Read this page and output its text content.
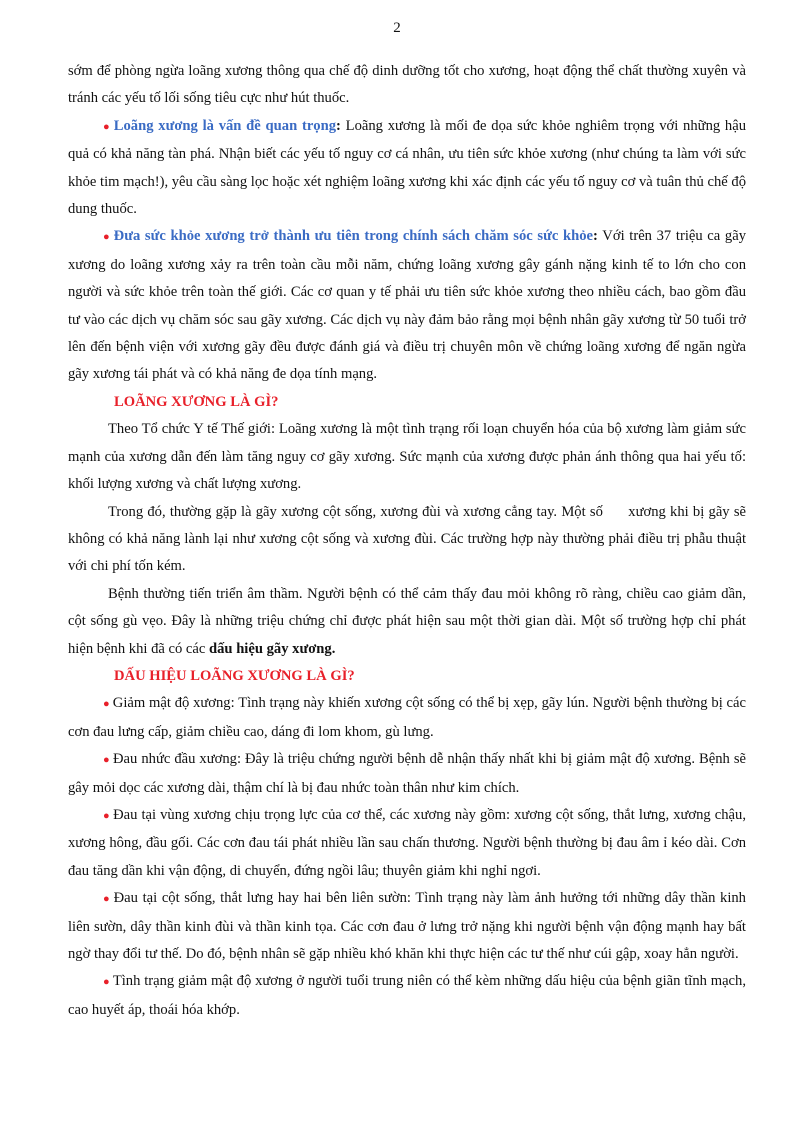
2

sớm để phòng ngừa loãng xương thông qua chế độ dinh dưỡng tốt cho xương, hoạt động thể chất thường xuyên và tránh các yếu tố lối sống tiêu cực như hút thuốc.

● Loãng xương là vấn đề quan trọng: Loãng xương là mối đe dọa sức khỏe nghiêm trọng với những hậu quả có khả năng tàn phá. Nhận biết các yếu tố nguy cơ cá nhân, ưu tiên sức khỏe xương (như chúng ta làm với sức khỏe tim mạch!), yêu cầu sàng lọc hoặc xét nghiệm loãng xương khi xác định các yếu tố nguy cơ và tuân thủ chế độ dung thuốc.

● Đưa sức khỏe xương trở thành ưu tiên trong chính sách chăm sóc sức khỏe: Với trên 37 triệu ca gãy xương do loãng xương xảy ra trên toàn cầu mỗi năm, chứng loãng xương gây gánh nặng kinh tế to lớn cho con người và sức khỏe trên toàn thế giới. Các cơ quan y tế phải ưu tiên sức khỏe xương theo nhiều cách, bao gồm đầu tư vào các dịch vụ chăm sóc sau gãy xương. Các dịch vụ này đảm bảo rằng mọi bệnh nhân gãy xương từ 50 tuổi trở lên đến bệnh viện với xương gãy đều được đánh giá và điều trị chuyên môn về chứng loãng xương để ngăn ngừa gãy xương tái phát và có khả năng đe dọa tính mạng.

LOÃNG XƯƠNG LÀ GÌ?

Theo Tổ chức Y tế Thế giới: Loãng xương là một tình trạng rối loạn chuyển hóa của bộ xương làm giảm sức mạnh của xương dẫn đến làm tăng nguy cơ gãy xương. Sức mạnh của xương được phản ánh thông qua hai yếu tố: khối lượng xương và chất lượng xương.

Trong đó, thường gặp là gãy xương cột sống, xương đùi và xương cẳng tay. Một số      xương khi bị gãy sẽ không có khả năng lành lại như xương cột sống và xương đùi. Các trường hợp này thường phải điều trị phẫu thuật với chi phí tốn kém.

Bệnh thường tiến triển âm thầm. Người bệnh có thể cảm thấy đau mỏi không rõ ràng, chiều cao giảm dần, cột sống gù vẹo. Đây là những triệu chứng chỉ được phát hiện sau một thời gian dài. Một số trường hợp chỉ phát hiện bệnh khi đã có các dấu hiệu gãy xương.

DẤU HIỆU LOÃNG XƯƠNG LÀ GÌ?

● Giảm mật độ xương: Tình trạng này khiến xương cột sống có thể bị xẹp, gãy lún. Người bệnh thường bị các cơn đau lưng cấp, giảm chiều cao, dáng đi lom khom, gù lưng.

● Đau nhức đầu xương: Đây là triệu chứng người bệnh dễ nhận thấy nhất khi bị giảm mật độ xương. Bệnh sẽ gây mỏi dọc các xương dài, thậm chí là bị đau nhức toàn thân như kim chích.

● Đau tại vùng xương chịu trọng lực của cơ thể, các xương này gồm: xương cột sống, thắt lưng, xương chậu, xương hông, đầu gối. Các cơn đau tái phát nhiều lần sau chấn thương. Người bệnh thường bị đau âm ỉ kéo dài. Cơn đau tăng dần khi vận động, di chuyển, đứng ngồi lâu; thuyên giảm khi nghỉ ngơi.

● Đau tại cột sống, thắt lưng hay hai bên liên sườn: Tình trạng này làm ảnh hưởng tới những dây thần kinh liên sườn, dây thần kinh đùi và thần kinh tọa. Các cơn đau ở lưng trở nặng khi người bệnh vận động mạnh hay bất ngờ thay đổi tư thế. Do đó, bệnh nhân sẽ gặp nhiều khó khăn khi thực hiện các tư thế như cúi gập, xoay hẳn người.

● Tình trạng giảm mật độ xương ở người tuổi trung niên có thể kèm những dấu hiệu của bệnh giãn tĩnh mạch, cao huyết áp, thoái hóa khớp.
